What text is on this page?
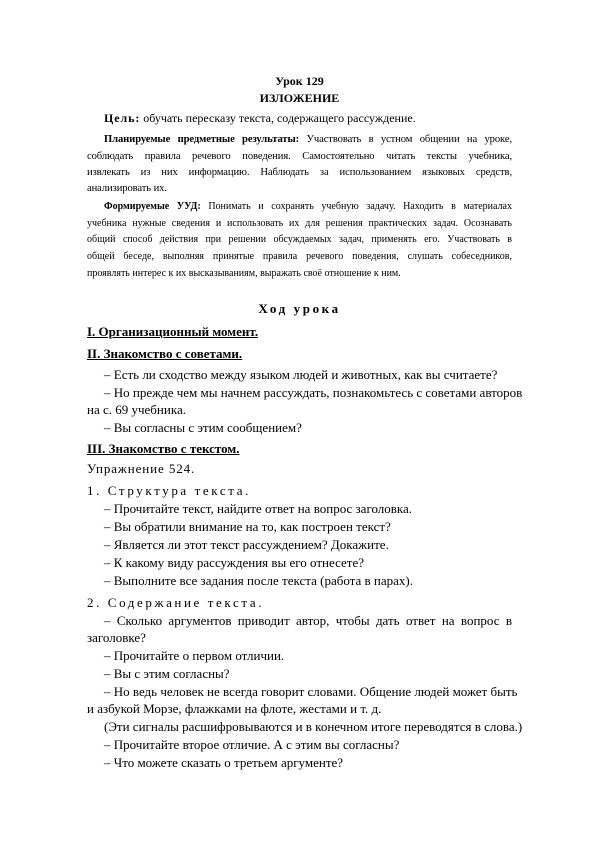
Урок 129
ИЗЛОЖЕНИЕ
Цель: обучать пересказу текста, содержащего рассуждение.
Планируемые предметные результаты: Участвовать в устном общении на уроке,
соблюдать правила речевого поведения. Самостоятельно читать тексты учебника,
извлекать из них информацию. Наблюдать за использованием языковых средств,
анализировать их.
Формируемые УУД: Понимать и сохранять учебную задачу. Находить в материалах
учебника нужные сведения и использовать их для решения практических задач. Осознавать
общий способ действия при решении обсуждаемых задач, применять его. Участвовать в
общей беседе, выполняя принятые правила речевого поведения, слушать собеседников,
проявлять интерес к их высказываниям, выражать своё отношение к ним.
Ход урока
I. Организационный момент.
II. Знакомство с советами.
– Есть ли сходство между языком людей и животных, как вы считаете?
– Но прежде чем мы начнем рассуждать, познакомьтесь с советами авторов
на с. 69 учебника.
– Вы согласны с этим сообщением?
III. Знакомство с текстом.
Упражнение 524.
1. Структура текста.
– Прочитайте текст, найдите ответ на вопрос заголовка.
– Вы обратили внимание на то, как построен текст?
– Является ли этот текст рассуждением? Докажите.
– К какому виду рассуждения вы его отнесете?
– Выполните все задания после текста (работа в парах).
2. Содержание текста.
– Сколько аргументов приводит автор, чтобы дать ответ на вопрос в
заголовке?
– Прочитайте о первом отличии.
– Вы с этим согласны?
– Но ведь человек не всегда говорит словами. Общение людей может быть
и азбукой Морзе, флажками на флоте, жестами и т. д.
(Эти сигналы расшифровываются и в конечном итоге переводятся в слова.)
– Прочитайте второе отличие. А с этим вы согласны?
– Что можете сказать о третьем аргументе?
